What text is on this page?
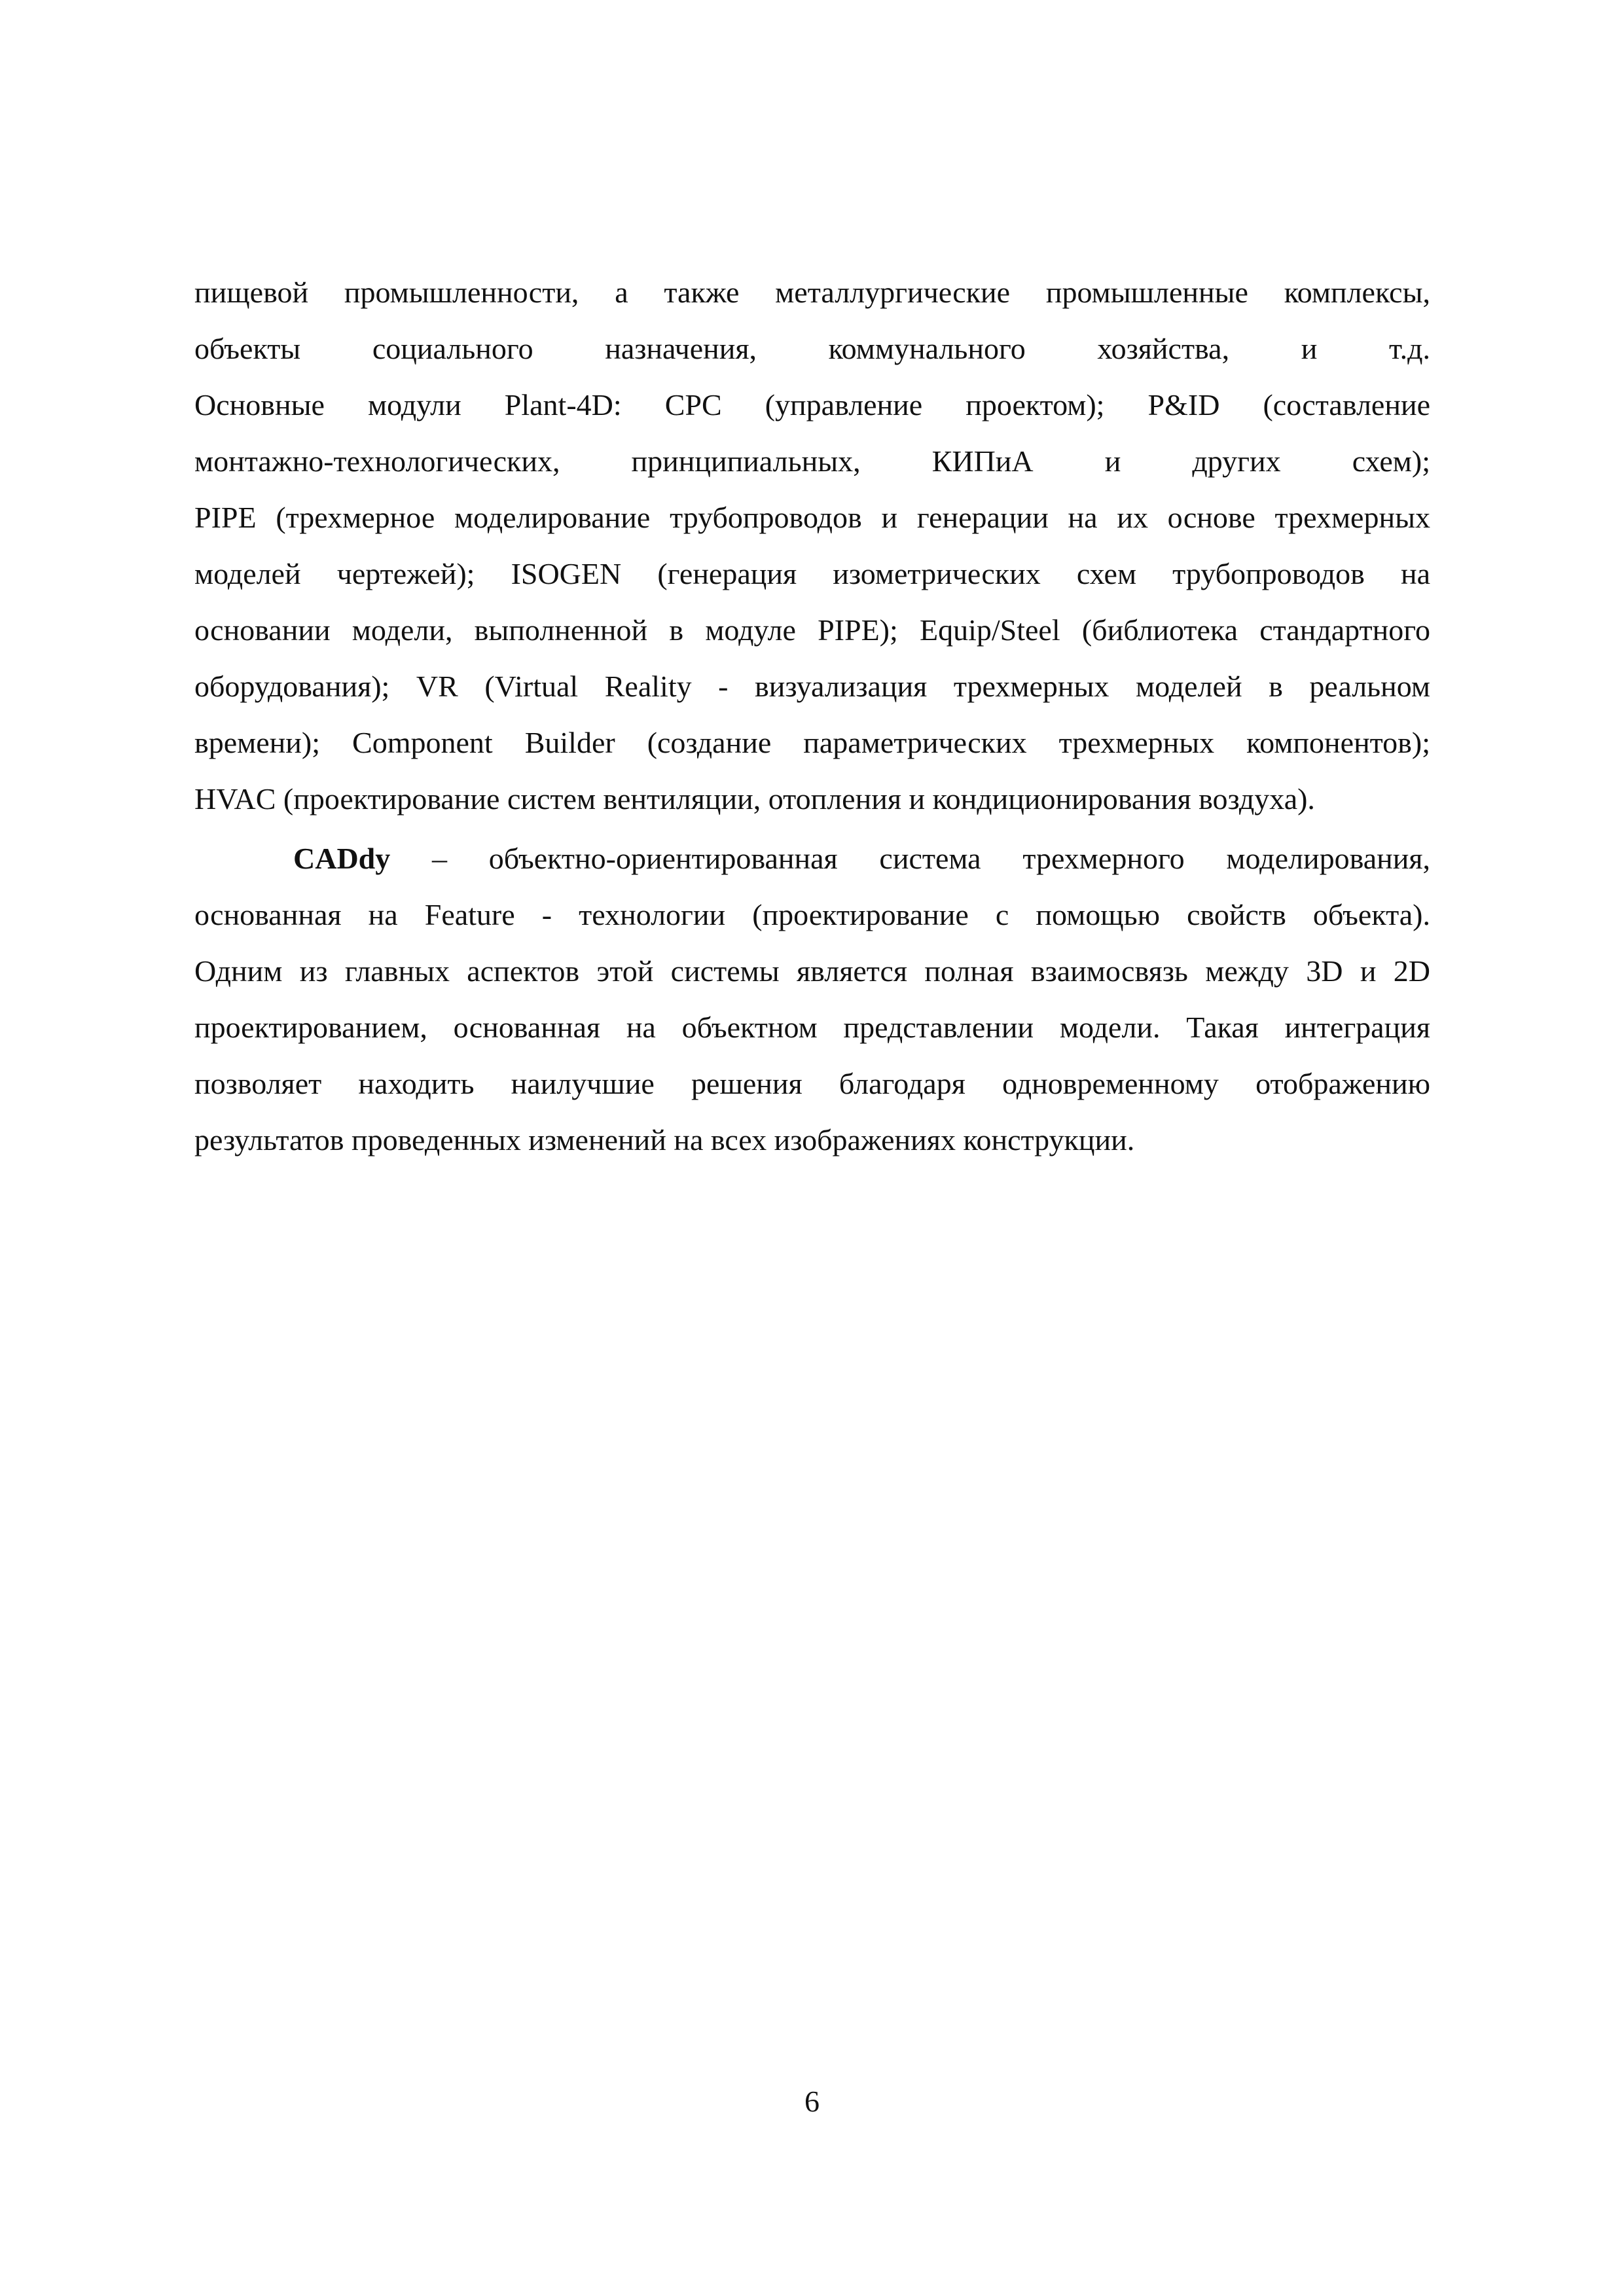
пищевой промышленности, а также металлургические промышленные комплексы,
объекты социального назначения, коммунального хозяйства, и т.д.
Основные модули Plant-4D: CPC (управление проектом); P&ID (составление
монтажно-технологических, принципиальных, КИПиА и других схем);
PIPE (трехмерное моделирование трубопроводов и генерации на их основе трехмерных
моделей чертежей); ISOGEN (генерация изометрических схем трубопроводов на
основании модели, выполненной в модуле PIPE); Equip/Steel (библиотека стандартного
оборудования); VR (Virtual Reality - визуализация трехмерных моделей в реальном
времени); Component Builder (создание параметрических трехмерных компонентов);
HVAC (проектирование систем вентиляции, отопления и кондиционирования воздуха).
CADdy – объектно-ориентированная система трехмерного моделирования,
основанная на Feature - технологии (проектирование с помощью свойств объекта).
Одним из главных аспектов этой системы является полная взаимосвязь между 3D и 2D
проектированием, основанная на объектном представлении модели. Такая интеграция
позволяет находить наилучшие решения благодаря одновременному отображению
результатов проведенных изменений на всех изображениях конструкции.
6
